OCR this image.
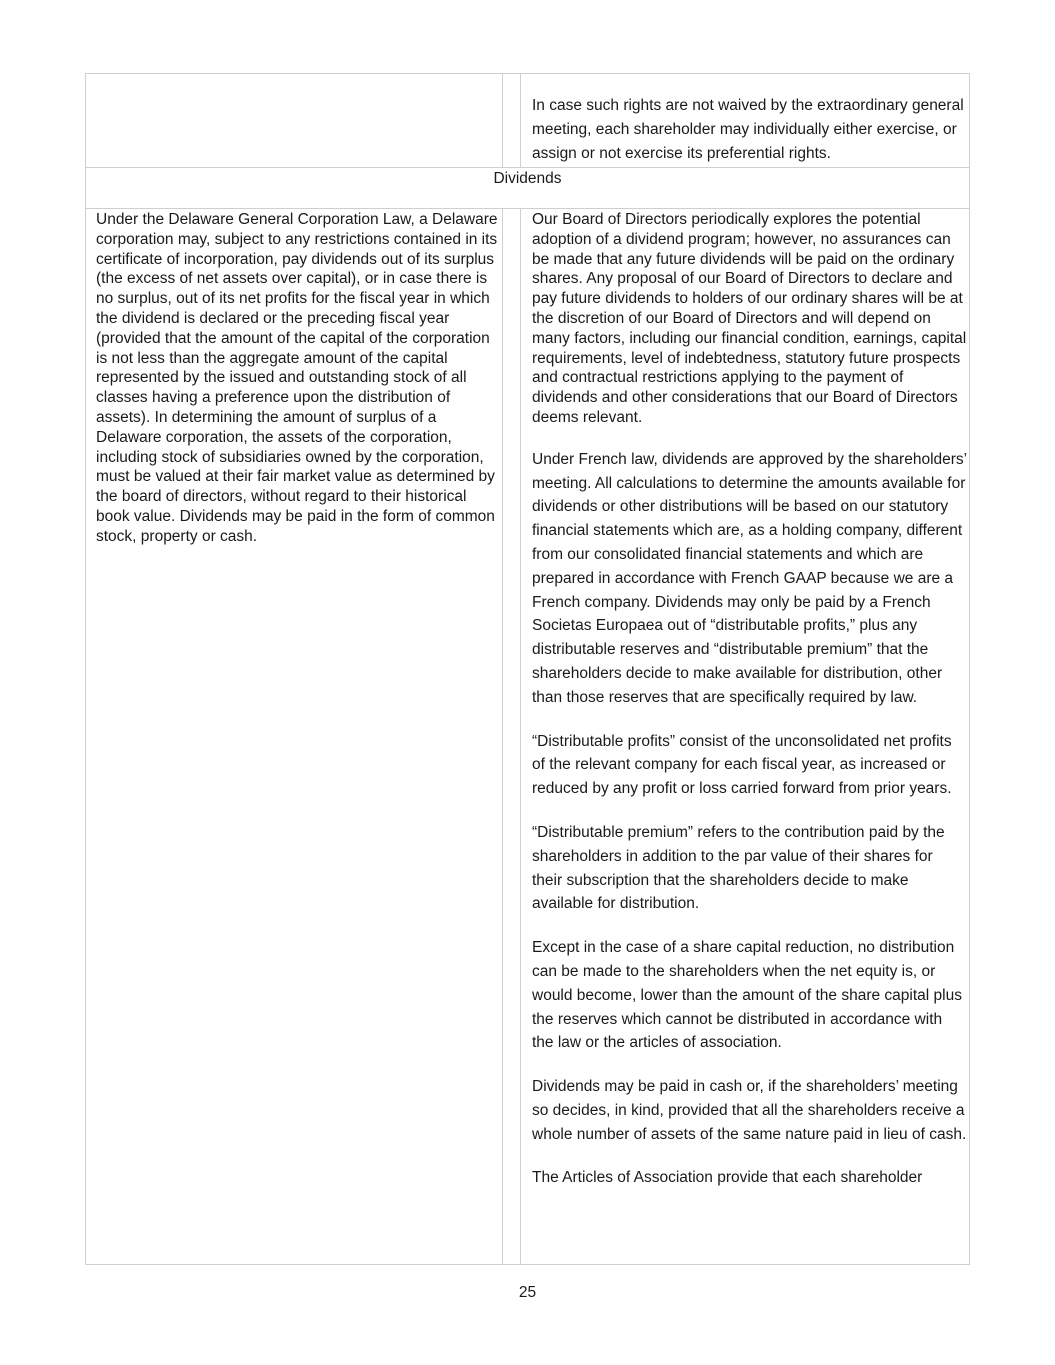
In case such rights are not waived by the extraordinary general meeting, each shareholder may individually either exercise, or assign or not exercise its preferential rights.
Dividends
Under the Delaware General Corporation Law, a Delaware corporation may, subject to any restrictions contained in its certificate of incorporation, pay dividends out of its surplus (the excess of net assets over capital), or in case there is no surplus, out of its net profits for the fiscal year in which the dividend is declared or the preceding fiscal year (provided that the amount of the capital of the corporation is not less than the aggregate amount of the capital represented by the issued and outstanding stock of all classes having a preference upon the distribution of assets). In determining the amount of surplus of a Delaware corporation, the assets of the corporation, including stock of subsidiaries owned by the corporation, must be valued at their fair market value as determined by the board of directors, without regard to their historical book value. Dividends may be paid in the form of common stock, property or cash.

Our Board of Directors periodically explores the potential adoption of a dividend program; however, no assurances can be made that any future dividends will be paid on the ordinary shares. Any proposal of our Board of Directors to declare and pay future dividends to holders of our ordinary shares will be at the discretion of our Board of Directors and will depend on many factors, including our financial condition, earnings, capital requirements, level of indebtedness, statutory future prospects and contractual restrictions applying to the payment of dividends and other considerations that our Board of Directors deems relevant.

Under French law, dividends are approved by the shareholders’ meeting. All calculations to determine the amounts available for dividends or other distributions will be based on our statutory financial statements which are, as a holding company, different from our consolidated financial statements and which are prepared in accordance with French GAAP because we are a French company. Dividends may only be paid by a French Societas Europaea out of “distributable profits,” plus any distributable reserves and “distributable premium” that the shareholders decide to make available for distribution, other than those reserves that are specifically required by law.

“Distributable profits” consist of the unconsolidated net profits of the relevant company for each fiscal year, as increased or reduced by any profit or loss carried forward from prior years.

“Distributable premium” refers to the contribution paid by the shareholders in addition to the par value of their shares for their subscription that the shareholders decide to make available for distribution.

Except in the case of a share capital reduction, no distribution can be made to the shareholders when the net equity is, or would become, lower than the amount of the share capital plus the reserves which cannot be distributed in accordance with the law or the articles of association.

Dividends may be paid in cash or, if the shareholders’ meeting so decides, in kind, provided that all the shareholders receive a whole number of assets of the same nature paid in lieu of cash.

The Articles of Association provide that each shareholder

25
